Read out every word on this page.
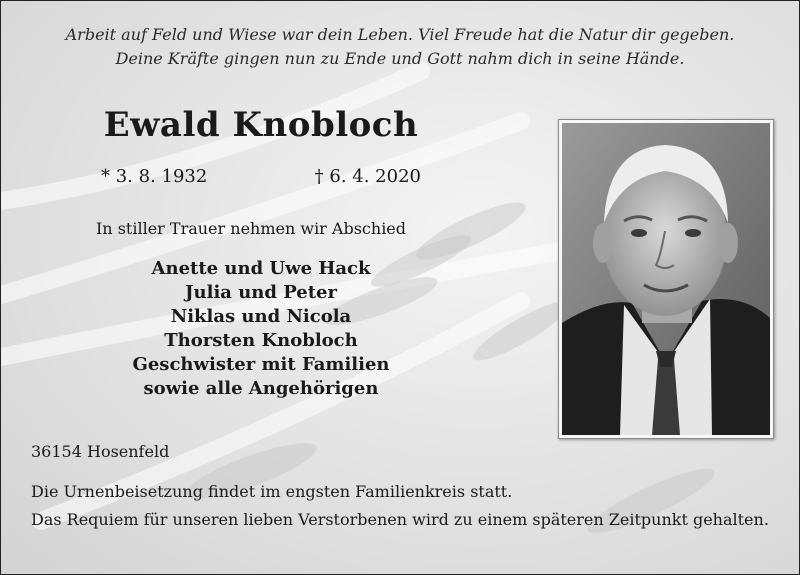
Arbeit auf Feld und Wiese war dein Leben. Viel Freude hat die Natur dir gegeben.
Deine Kräfte gingen nun zu Ende und Gott nahm dich in seine Hände.
Ewald Knobloch
* 3. 8. 1932	† 6. 4. 2020
In stiller Trauer nehmen wir Abschied
Anette und Uwe Hack
Julia und Peter
Niklas und Nicola
Thorsten Knobloch
Geschwister mit Familien
sowie alle Angehörigen
36154 Hosenfeld

Die Urnenbeisetzung findet im engsten Familienkreis statt.

Das Requiem für unseren lieben Verstorbenen wird zu einem späteren Zeitpunkt gehalten.
